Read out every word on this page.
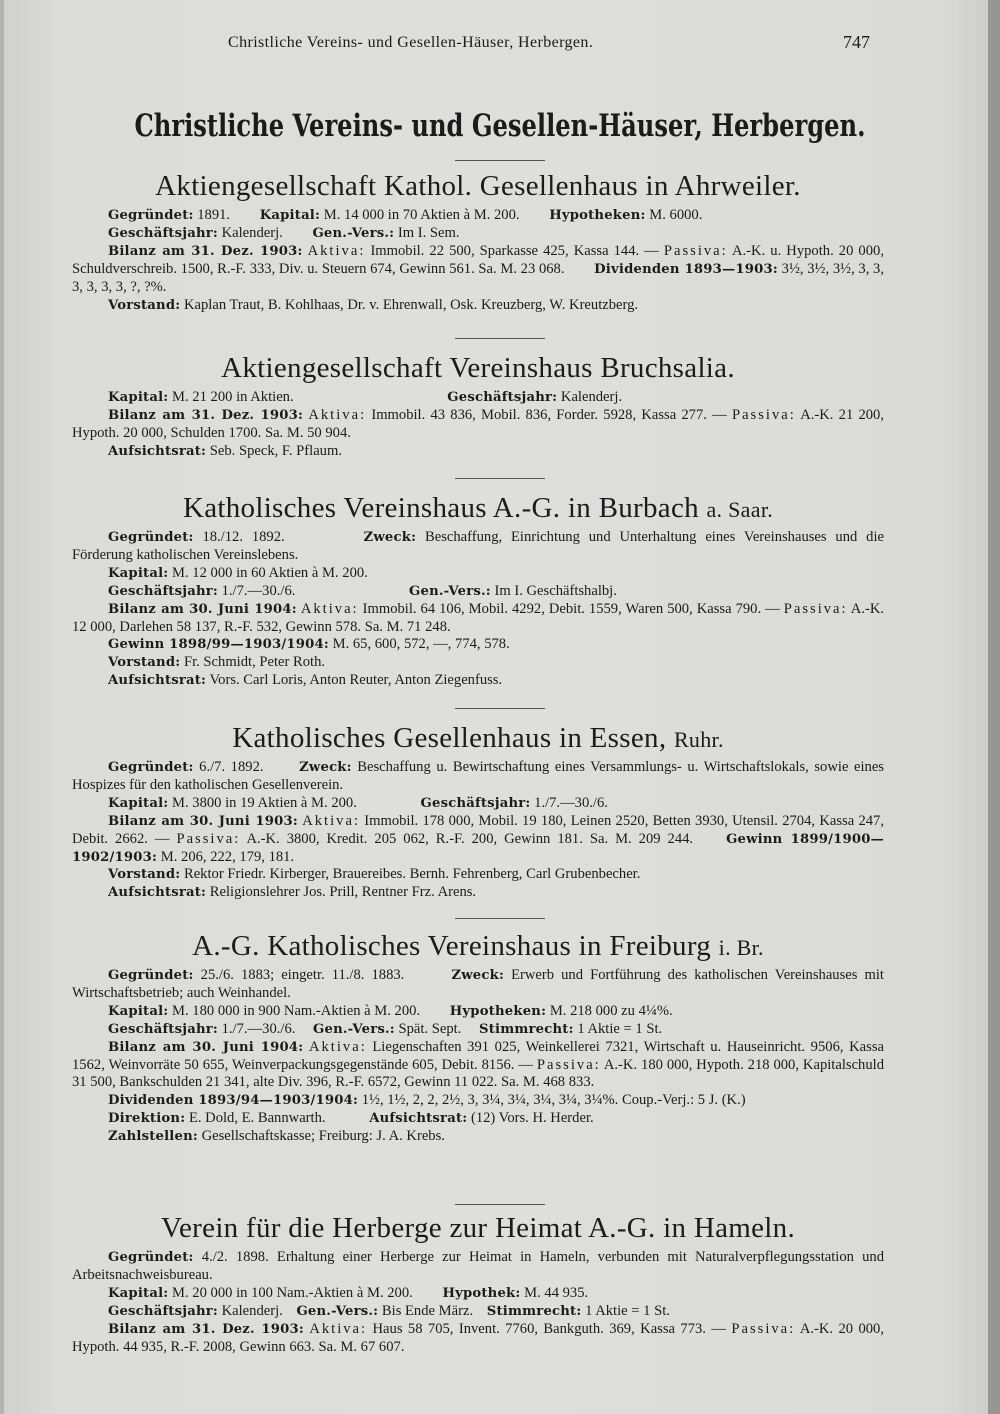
Christliche Vereins- und Gesellen-Häuser, Herbergen.	747
Christliche Vereins- und Gesellen-Häuser, Herbergen.
Aktiengesellschaft Kathol. Gesellenhaus in Ahrweiler.

Gegründet: 1891. Kapital: M. 14 000 in 70 Aktien à M. 200. Hypotheken: M. 6000.

Geschäftsjahr: Kalenderj. Gen.-Vers.: Im I. Sem.

Bilanz am 31. Dez. 1903: Aktiva: Immobil. 22 500, Sparkasse 425, Kassa 144. — Passiva: A.-K. u. Hypoth. 20 000, Schuldverschreib. 1500, R.-F. 333, Div. u. Steuern 674, Gewinn 561. Sa. M. 23 068. Dividenden 1893—1903: 3½, 3½, 3½, 3, 3, 3, 3, 3, 3, ?, ?%.

Vorstand: Kaplan Traut, B. Kohlhaas, Dr. v. Ehrenwall, Osk. Kreuzberg, W. Kreutzberg.

Aktiengesellschaft Vereinshaus Bruchsalia.

Kapital: M. 21 200 in Aktien.	Geschäftsjahr: Kalenderj.

Bilanz am 31. Dez. 1903: Aktiva: Immobil. 43 836, Mobil. 836, Forder. 5928, Kassa 277. — Passiva: A.-K. 21 200, Hypoth. 20 000, Schulden 1700. Sa. M. 50 904.

Aufsichtsrat: Seb. Speck, F. Pflaum.

Katholisches Vereinshaus A.-G. in Burbach a. Saar.

Gegründet: 18./12. 1892.	Zweck: Beschaffung, Einrichtung und Unterhaltung eines Vereinshauses und die Förderung katholischen Vereinslebens.

Kapital: M. 12 000 in 60 Aktien à M. 200.

Geschäftsjahr: 1./7.—30./6.	Gen.-Vers.: Im I. Geschäftshalbj.

Bilanz am 30. Juni 1904: Aktiva: Immobil. 64 106, Mobil. 4292, Debit. 1559, Waren 500, Kassa 790. — Passiva: A.-K. 12 000, Darlehen 58 137, R.-F. 532, Gewinn 578. Sa. M. 71 248.

Gewinn 1898/99—1903/1904: M. 65, 600, 572, —, 774, 578.

Vorstand: Fr. Schmidt, Peter Roth.

Aufsichtsrat: Vors. Carl Loris, Anton Reuter, Anton Ziegenfuss.

Katholisches Gesellenhaus in Essen, Ruhr.

Gegründet: 6./7. 1892.	Zweck: Beschaffung u. Bewirtschaftung eines Versammlungs- u. Wirtschaftslokals, sowie eines Hospizes für den katholischen Gesellenverein.

Kapital: M. 3800 in 19 Aktien à M. 200.	Geschäftsjahr: 1./7.—30./6.

Bilanz am 30. Juni 1903: Aktiva: Immobil. 178 000, Mobil. 19 180, Leinen 2520, Betten 3930, Utensil. 2704, Kassa 247, Debit. 2662. — Passiva: A.-K. 3800, Kredit. 205 062, R.-F. 200, Gewinn 181. Sa. M. 209 244. Gewinn 1899/1900—1902/1903: M. 206, 222, 179, 181.

Vorstand: Rektor Friedr. Kirberger, Brauereibes. Bernh. Fehrenberg, Carl Grubenbecher.

Aufsichtsrat: Religionslehrer Jos. Prill, Rentner Frz. Arens.

A.-G. Katholisches Vereinshaus in Freiburg i. Br.

Gegründet: 25./6. 1883; eingetr. 11./8. 1883.	Zweck: Erwerb und Fortführung des katholischen Vereinshauses mit Wirtschaftsbetrieb; auch Weinhandel.

Kapital: M. 180 000 in 900 Nam.-Aktien à M. 200. Hypotheken: M. 218 000 zu 4¼%.

Geschäftsjahr: 1./7.—30./6. Gen.-Vers.: Spät. Sept. Stimmrecht: 1 Aktie = 1 St.

Bilanz am 30. Juni 1904: Aktiva: Liegenschaften 391 025, Weinkellerei 7321, Wirtschaft u. Hauseinricht. 9506, Kassa 1562, Weinvorräte 50 655, Weinverpackungsgegenstände 605, Debit. 8156. — Passiva: A.-K. 180 000, Hypoth. 218 000, Kapitalschuld 31 500, Bankschulden 21 341, alte Div. 396, R.-F. 6572, Gewinn 11 022. Sa. M. 468 833.

Dividenden 1893/94—1903/1904: 1½, 1½, 2, 2, 2½, 3, 3¼, 3¼, 3¼, 3¼, 3¼%. Coup.-Verj.: 5 J. (K.)

Direktion: E. Dold, E. Bannwarth.	Aufsichtsrat: (12) Vors. H. Herder.

Zahlstellen: Gesellschaftskasse; Freiburg: J. A. Krebs.

Verein für die Herberge zur Heimat A.-G. in Hameln.

Gegründet: 4./2. 1898. Erhaltung einer Herberge zur Heimat in Hameln, verbunden mit Naturalverpflegungsstation und Arbeitsnachweisbureau.

Kapital: M. 20 000 in 100 Nam.-Aktien à M. 200. Hypothek: M. 44 935.

Geschäftsjahr: Kalenderj. Gen.-Vers.: Bis Ende März. Stimmrecht: 1 Aktie = 1 St.

Bilanz am 31. Dez. 1903: Aktiva: Haus 58 705, Invent. 7760, Bankguth. 369, Kassa 773. — Passiva: A.-K. 20 000, Hypoth. 44 935, R.-F. 2008, Gewinn 663. Sa. M. 67 607.
